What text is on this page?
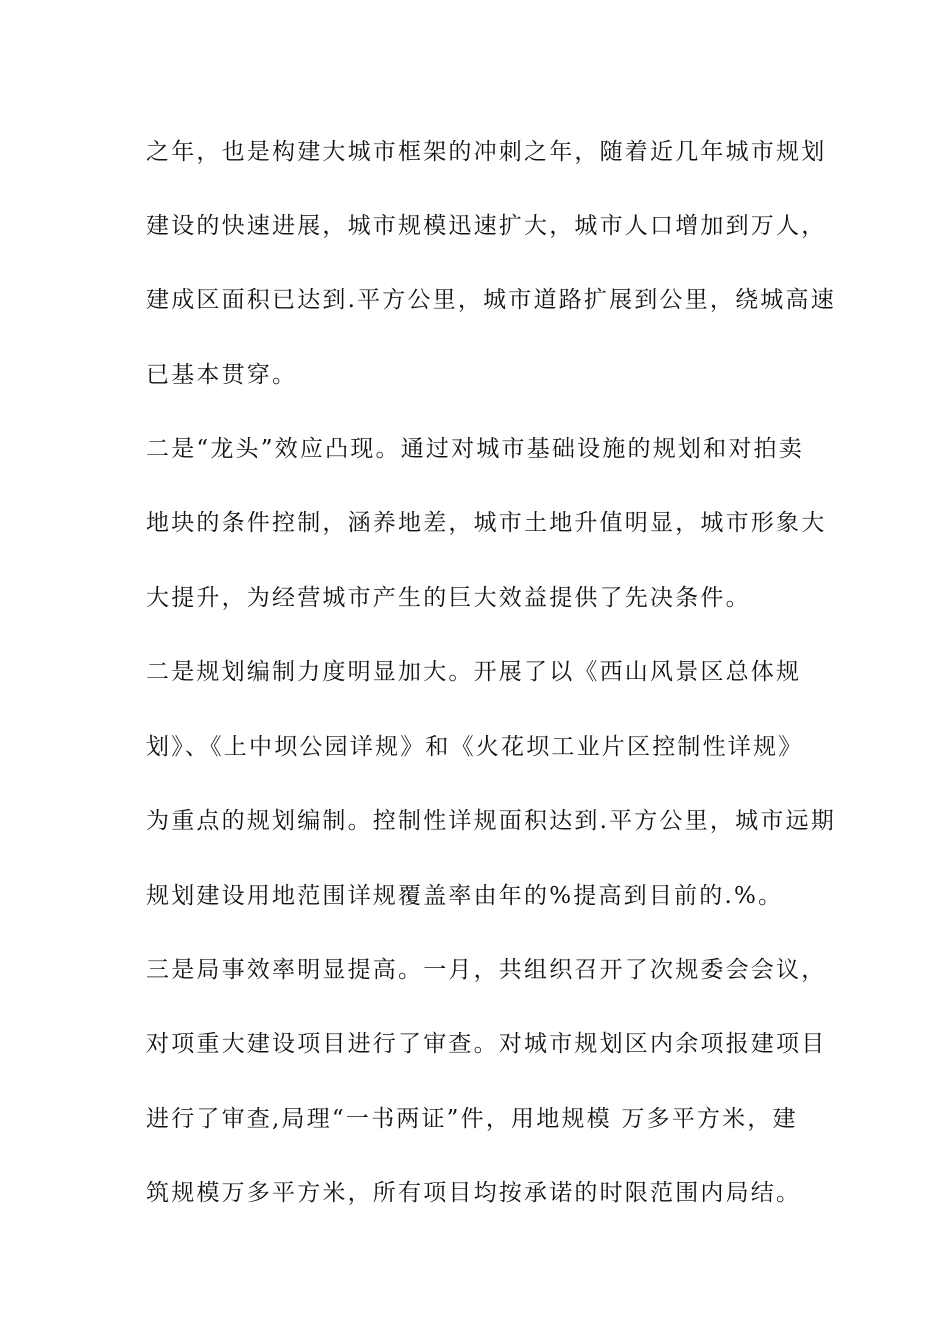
之年，也是构建大城市框架的冲刺之年，随着近几年城市规划
建设的快速进展，城市规模迅速扩大，城市人口增加到万人，
建成区面积已达到.平方公里，城市道路扩展到公里，绕城高速
已基本贯穿。
二是“龙头”效应凸现。通过对城市基础设施的规划和对拍卖
地块的条件控制，涵养地差，城市土地升值明显，城市形象大
大提升，为经营城市产生的巨大效益提供了先决条件。
二是规划编制力度明显加大。开展了以《西山风景区总体规
划》、《上中坝公园详规》和《火花坝工业片区控制性详规》
为重点的规划编制。控制性详规面积达到.平方公里，城市远期
规划建设用地范围详规覆盖率由年的%提高到目前的.%。
三是局事效率明显提高。一月，共组织召开了次规委会会议，
对项重大建设项目进行了审查。对城市规划区内余项报建项目
进行了审查,局理“一书两证”件，用地规模 万多平方米，建
筑规模万多平方米，所有项目均按承诺的时限范围内局结。
